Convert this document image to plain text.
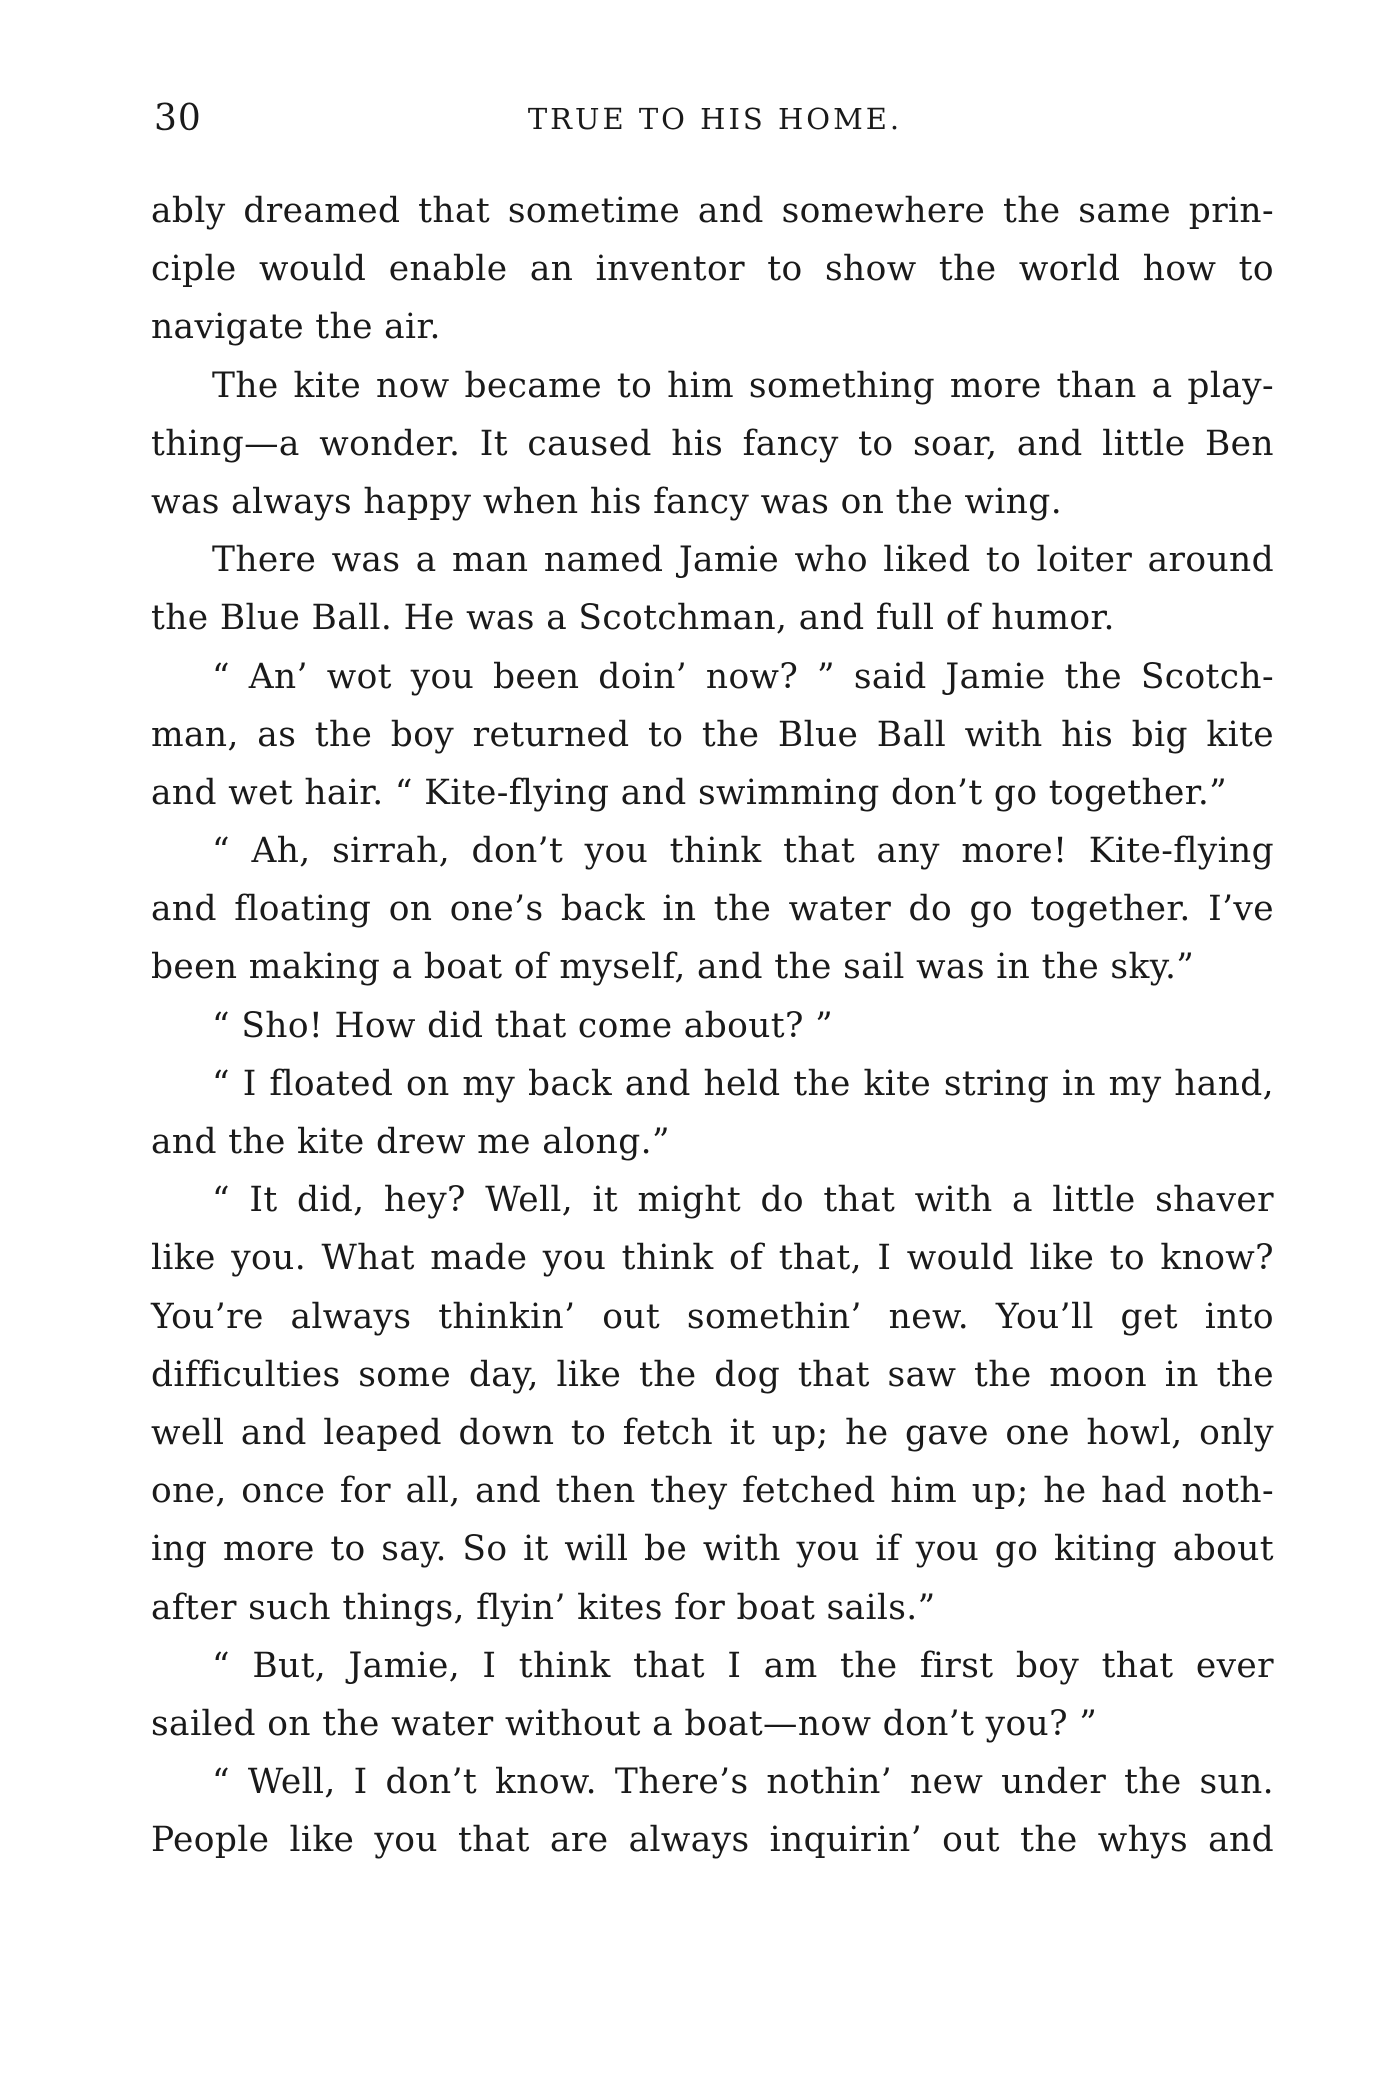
30	TRUE TO HIS HOME.
ably dreamed that sometime and somewhere the same prin-
ciple would enable an inventor to show the world how to
navigate the air.
The kite now became to him something more than a play-
thing—a wonder. It caused his fancy to soar, and little Ben
was always happy when his fancy was on the wing.
There was a man named Jamie who liked to loiter around
the Blue Ball. He was a Scotchman, and full of humor.
“ An’ wot you been doin’ now? ” said Jamie the Scotch-
man, as the boy returned to the Blue Ball with his big kite
and wet hair. “ Kite-flying and swimming don’t go together.”
“ Ah, sirrah, don’t you think that any more! Kite-flying
and floating on one’s back in the water do go together. I’ve
been making a boat of myself, and the sail was in the sky.”
“ Sho! How did that come about? ”
“ I floated on my back and held the kite string in my hand,
and the kite drew me along.”
“ It did, hey? Well, it might do that with a little shaver
like you. What made you think of that, I would like to know?
You’re always thinkin’ out somethin’ new. You’ll get into
difficulties some day, like the dog that saw the moon in the
well and leaped down to fetch it up; he gave one howl, only
one, once for all, and then they fetched him up; he had noth-
ing more to say. So it will be with you if you go kiting about
after such things, flyin’ kites for boat sails.”
“ But, Jamie, I think that I am the first boy that ever
sailed on the water without a boat—now don’t you? ”
“ Well, I don’t know. There’s nothin’ new under the sun.
People like you that are always inquirin’ out the whys and
